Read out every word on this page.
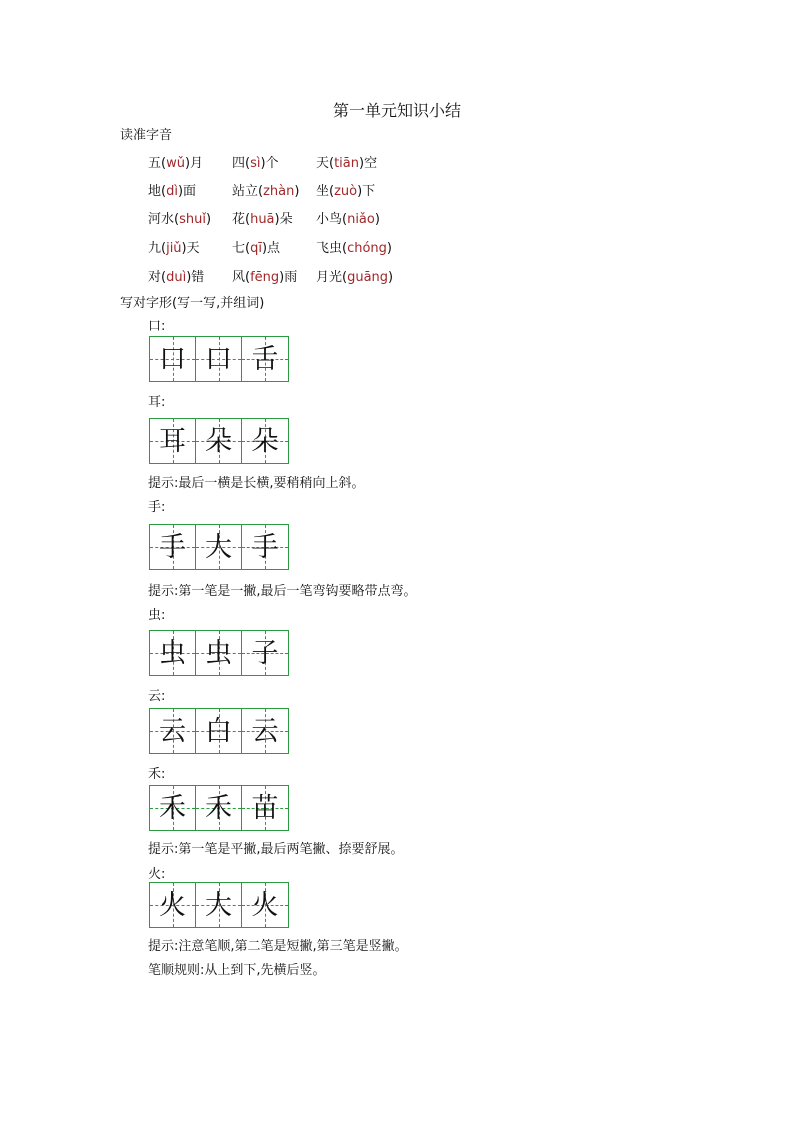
第一单元知识小结
读准字音
五(wǔ)月 四(sì)个	天(tiān)空
地(dì)面	站立(zhàn) 坐(zuò)下
河水(shuǐ) 花(huā)朵 小鸟(niǎo)
九(jiǔ)天 七(qī)点	飞虫(chóng)
对(duì)错 风(fēng)雨 月光(guāng)
写对字形(写一写,并组词)
口:
口 口 舌
耳:
耳 朵 朵
提示:最后一横是长横,要稍稍向上斜。
手:
手 大 手
提示:第一笔是一撇,最后一笔弯钩要略带点弯。
虫:
虫 虫 子
云:
云 白 云
禾:
禾 禾 苗
提示:第一笔是平撇,最后两笔撇、捺要舒展。
火:
火 大 火
提示:注意笔顺,第二笔是短撇,第三笔是竖撇。
笔顺规则:从上到下,先横后竖。
